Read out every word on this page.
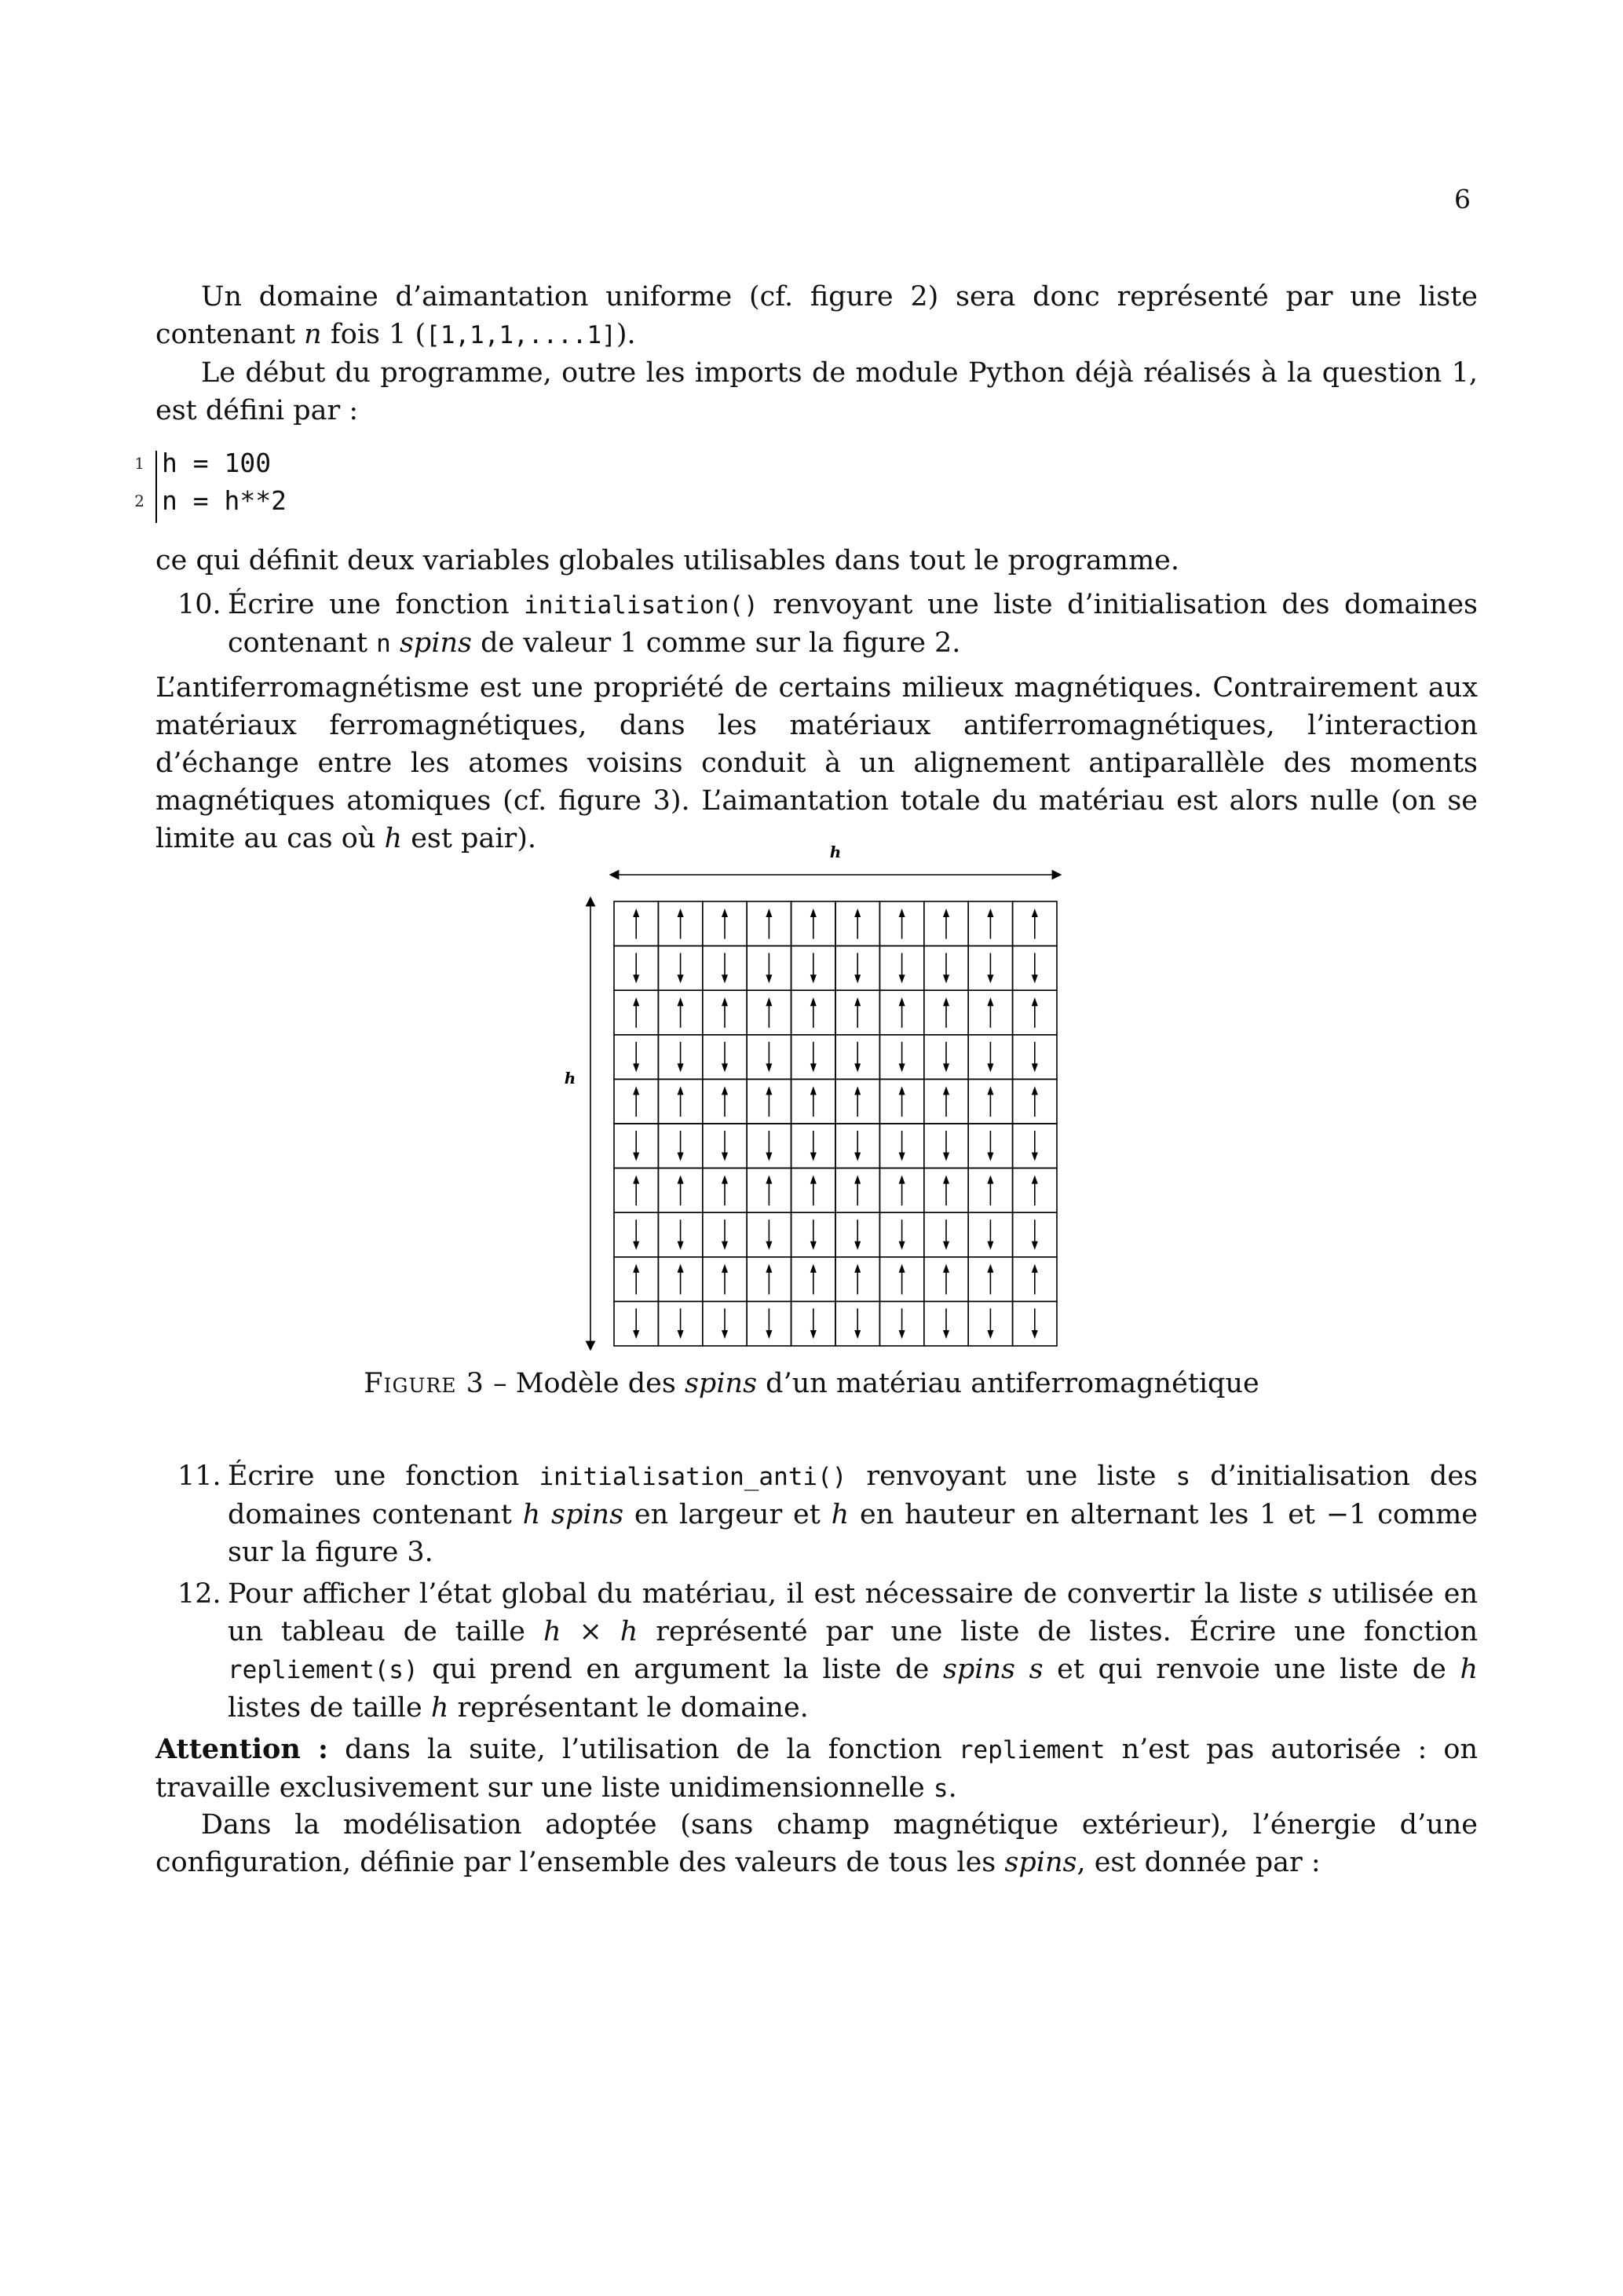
6

Un domaine d’aimantation uniforme (cf. figure 2) sera donc représenté par une liste contenant n fois 1 ([1,1,1,....1]).

Le début du programme, outre les imports de module Python déjà réalisés à la question 1, est défini par :

1 h = 100
2 n = h**2
ce qui définit deux variables globales utilisables dans tout le programme.
10. Écrire une fonction initialisation() renvoyant une liste d’initialisation des domaines contenant n spins de valeur 1 comme sur la figure 2.
L’antiferromagnétisme est une propriété de certains milieux magnétiques. Contrairement aux matériaux ferromagnétiques, dans les matériaux antiferromagnétiques, l’interaction d’échange entre les atomes voisins conduit à un alignement antiparallèle des moments magnétiques atomiques (cf. figure 3). L’aimantation totale du matériau est alors nulle (on se limite au cas où h est pair).	h
h
Figure 3 – Modèle des spins d’un matériau antiferromagnétique
11. Écrire une fonction initialisation_anti() renvoyant une liste s d’initialisation des domaines contenant h spins en largeur et h en hauteur en alternant les 1 et −1 comme sur la figure 3.
12. Pour afficher l’état global du matériau, il est nécessaire de convertir la liste s utilisée en un tableau de taille h × h représenté par une liste de listes. Écrire une fonction repliement(s) qui prend en argument la liste de spins s et qui renvoie une liste de h listes de taille h représentant le domaine.
Attention : dans la suite, l’utilisation de la fonction repliement n’est pas autorisée : on travaille exclusivement sur une liste unidimensionnelle s.

Dans la modélisation adoptée (sans champ magnétique extérieur), l’énergie d’une configuration, définie par l’ensemble des valeurs de tous les spins, est donnée par :
